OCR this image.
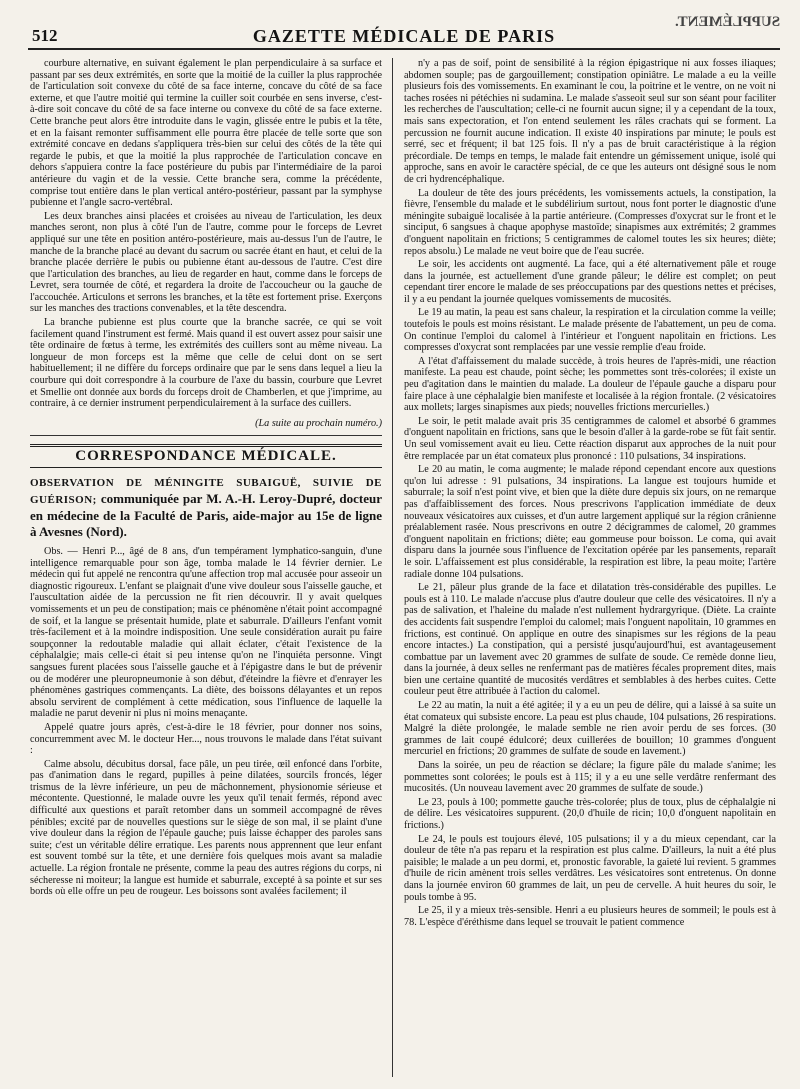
512	GAZETTE MÉDICALE DE PARIS
SUPPLÉMENT.

courbure alternative, en suivant également le plan perpendiculaire à sa surface et passant par ses deux extrémités, en sorte que la moitié de la cuiller la plus rapprochée de l'articulation soit convexe du côté de sa face interne, concave du côté de sa face externe, et que l'autre moitié qui termine la cuiller soit courbée en sens inverse, c'est-à-dire soit concave du côté de sa face interne ou convexe du côté de sa face externe. Cette branche peut alors être introduite dans le vagin, glissée entre le pubis et la tête, et en la faisant remonter suffisamment elle pourra être placée de telle sorte que son extrémité concave en dedans s'appliquera très-bien sur celui des côtés de la tête qui regarde le pubis, et que la moitié la plus rapprochée de l'articulation concave en dehors s'appuiera contre la face postérieure du pubis par l'intermédiaire de la paroi antérieure du vagin et de la vessie. Cette branche sera, comme la précédente, comprise tout entière dans le plan vertical antéro-postérieur, passant par la symphyse pubienne et l'angle sacro-vertébral.

Les deux branches ainsi placées et croisées au niveau de l'articulation, les deux manches seront, non plus à côté l'un de l'autre, comme pour le forceps de Levret appliqué sur une tête en position antéro-postérieure, mais au-dessus l'un de l'autre, le manche de la branche placé au devant du sacrum ou sacrée étant en haut, et celui de la branche placée derrière le pubis ou pubienne étant au-dessous de l'autre. C'est dire que l'articulation des branches, au lieu de regarder en haut, comme dans le forceps de Levret, sera tournée de côté, et regardera la droite de l'accoucheur ou la gauche de l'accouchée. Articulons et serrons les branches, et la tête est fortement prise. Exerçons sur les manches des tractions convenables, et la tête descendra.

La branche pubienne est plus courte que la branche sacrée, ce qui se voit facilement quand l'instrument est fermé. Mais quand il est ouvert assez pour saisir une tête ordinaire de fœtus à terme, les extrémités des cuillers sont au même niveau. La longueur de mon forceps est la même que celle de celui dont on se sert habituellement; il ne diffère du forceps ordinaire que par le sens dans lequel a lieu la courbure qui doit correspondre à la courbure de l'axe du bassin, courbure que Levret et Smellie ont donnée aux bords du forceps droit de Chamberlen, et que j'imprime, au contraire, à ce dernier instrument perpendiculairement à la surface des cuillers.

(La suite au prochain numéro.)
CORRESPONDANCE MÉDICALE.
OBSERVATION DE MÉNINGITE SUBAIGUË, SUIVIE DE GUÉRISON; communiquée par M. A.-H. Leroy-Dupré, docteur en médecine de la Faculté de Paris, aide-major au 15e de ligne à Avesnes (Nord).

Obs. — Henri P..., âgé de 8 ans, d'un tempérament lymphatico-sanguin, d'une intelligence remarquable pour son âge, tomba malade le 14 février dernier. Le médecin qui fut appelé ne rencontra qu'une affection trop mal accusée pour asseoir un diagnostic rigoureux. L'enfant se plaignait d'une vive douleur sous l'aisselle gauche, et l'auscultation aidée de la percussion ne fit rien découvrir. Il y avait quelques vomissements et un peu de constipation; mais ce phénomène n'était point accompagné de soif, et la langue se présentait humide, plate et saburrale. D'ailleurs l'enfant vomit très-facilement et à la moindre indisposition. Une seule considération aurait pu faire soupçonner la redoutable maladie qui allait éclater, c'était l'existence de la céphalalgie; mais celle-ci était si peu intense qu'on ne l'inquiéta personne. Vingt sangsues furent placées sous l'aisselle gauche et à l'épigastre dans le but de prévenir ou de modérer une pleuropneumonie à son début, d'éteindre la fièvre et d'enrayer les phénomènes gastriques commençants. La diète, des boissons délayantes et un repos absolu servirent de complément à cette médication, sous l'influence de laquelle la maladie ne parut devenir ni plus ni moins menaçante.

Appelé quatre jours après, c'est-à-dire le 18 février, pour donner nos soins, concurremment avec M. le docteur Her..., nous trouvons le malade dans l'état suivant :

Calme absolu, décubitus dorsal, face pâle, un peu tirée, œil enfoncé dans l'orbite, pas d'animation dans le regard, pupilles à peine dilatées, sourcils froncés, léger trismus de la lèvre inférieure, un peu de mâchonnement, physionomie sérieuse et mécontente. Questionné, le malade ouvre les yeux qu'il tenait fermés, répond avec difficulté aux questions et paraît retomber dans un sommeil accompagné de rêves pénibles; excité par de nouvelles questions sur le siège de son mal, il se plaint d'une vive douleur dans la région de l'épaule gauche; puis laisse échapper des paroles sans suite; c'est un véritable délire erratique. Les parents nous apprennent que leur enfant est souvent tombé sur la tête, et une dernière fois quelques mois avant sa maladie actuelle. La région frontale ne présente, comme la peau des autres régions du corps, ni sécheresse ni moiteur; la langue est humide et saburrale, excepté à sa pointe et sur ses bords où elle offre un peu de rougeur. Les boissons sont avalées facilement; il

n'y a pas de soif, point de sensibilité à la région épigastrique ni aux fosses iliaques; abdomen souple; pas de gargouillement; constipation opiniâtre. Le malade a eu la veille plusieurs fois des vomissements. En examinant le cou, la poitrine et le ventre, on ne voit ni taches rosées ni pétéchies ni sudamina. Le malade s'asseoit seul sur son séant pour faciliter les recherches de l'auscultation; celle-ci ne fournit aucun signe; il y a cependant de la toux, mais sans expectoration, et l'on entend seulement les râles crachats qui se forment. La percussion ne fournit aucune indication. Il existe 40 inspirations par minute; le pouls est serré, sec et fréquent; il bat 125 fois. Il n'y a pas de bruit caractéristique à la région précordiale. De temps en temps, le malade fait entendre un gémissement unique, isolé qui approche, sans en avoir le caractère spécial, de ce que les auteurs ont désigné sous le nom de cri hydrencéphalique.

La douleur de tête des jours précédents, les vomissements actuels, la constipation, la fièvre, l'ensemble du malade et le subdélirium surtout, nous font porter le diagnostic d'une méningite subaiguë localisée à la partie antérieure. (Compresses d'oxycrat sur le front et le sinciput, 6 sangsues à chaque apophyse mastoïde; sinapismes aux extrémités; 2 grammes d'onguent napolitain en frictions; 5 centigrammes de calomel toutes les six heures; diète; repos absolu.) Le malade ne veut boire que de l'eau sucrée.

Le soir, les accidents ont augmenté. La face, qui a été alternativement pâle et rouge dans la journée, est actuellement d'une grande pâleur; le délire est complet; on peut cependant tirer encore le malade de ses préoccupations par des questions nettes et précises, il y a eu pendant la journée quelques vomissements de mucosités.

Le 19 au matin, la peau est sans chaleur, la respiration et la circulation comme la veille; toutefois le pouls est moins résistant. Le malade présente de l'abattement, un peu de coma. On continue l'emploi du calomel à l'intérieur et l'onguent napolitain en frictions. Les compresses d'oxycrat sont remplacées par une vessie remplie d'eau froide.

A l'état d'affaissement du malade succède, à trois heures de l'après-midi, une réaction manifeste. La peau est chaude, point sèche; les pommettes sont très-colorées; il existe un peu d'agitation dans le maintien du malade. La douleur de l'épaule gauche a disparu pour faire place à une céphalalgie bien manifeste et localisée à la région frontale. (2 vésicatoires aux mollets; larges sinapismes aux pieds; nouvelles frictions mercurielles.)

Le soir, le petit malade avait pris 35 centigrammes de calomel et absorbé 6 grammes d'onguent napolitain en frictions, sans que le besoin d'aller à la garde-robe se fût fait sentir. Un seul vomissement avait eu lieu. Cette réaction disparut aux approches de la nuit pour être remplacée par un état comateux plus prononcé : 110 pulsations, 34 inspirations.

Le 20 au matin, le coma augmente; le malade répond cependant encore aux questions qu'on lui adresse : 91 pulsations, 34 inspirations. La langue est toujours humide et saburrale; la soif n'est point vive, et bien que la diète dure depuis six jours, on ne remarque pas d'affaiblissement des forces. Nous prescrivons l'application immédiate de deux nouveaux vésicatoires aux cuisses, et d'un autre largement appliqué sur la région crânienne préalablement rasée. Nous prescrivons en outre 2 décigrammes de calomel, 20 grammes d'onguent napolitain en frictions; diète; eau gommeuse pour boisson. Le coma, qui avait disparu dans la journée sous l'influence de l'excitation opérée par les pansements, reparaît le soir. L'affaissement est plus considérable, la respiration est libre, la peau moite; l'artère radiale donne 104 pulsations.

Le 21, pâleur plus grande de la face et dilatation très-considérable des pupilles. Le pouls est à 110. Le malade n'accuse plus d'autre douleur que celle des vésicatoires. Il n'y a pas de salivation, et l'haleine du malade n'est nullement hydrargyrique. (Diète. La crainte des accidents fait suspendre l'emploi du calomel; mais l'onguent napolitain, 10 grammes en frictions, est continué. On applique en outre des sinapismes sur les régions de la peau encore intactes.) La constipation, qui a persisté jusqu'aujourd'hui, est avantageusement combattue par un lavement avec 20 grammes de sulfate de soude. Ce remède donne lieu, dans la journée, à deux selles ne renfermant pas de matières fécales proprement dites, mais bien une certaine quantité de mucosités verdâtres et semblables à des herbes cuites. Cette couleur peut être attribuée à l'action du calomel.

Le 22 au matin, la nuit a été agitée; il y a eu un peu de délire, qui a laissé à sa suite un état comateux qui subsiste encore. La peau est plus chaude, 104 pulsations, 26 respirations. Malgré la diète prolongée, le malade semble ne rien avoir perdu de ses forces. (30 grammes de lait coupé édulcoré; deux cuillerées de bouillon; 10 grammes d'onguent mercuriel en frictions; 20 grammes de sulfate de soude en lavement.)

Dans la soirée, un peu de réaction se déclare; la figure pâle du malade s'anime; les pommettes sont colorées; le pouls est à 115; il y a eu une selle verdâtre renfermant des mucosités. (Un nouveau lavement avec 20 grammes de sulfate de soude.)

Le 23, pouls à 100; pommette gauche très-colorée; plus de toux, plus de céphalalgie ni de délire. Les vésicatoires suppurent. (20,0 d'huile de ricin; 10,0 d'onguent napolitain en frictions.)

Le 24, le pouls est toujours élevé, 105 pulsations; il y a du mieux cependant, car la douleur de tête n'a pas reparu et la respiration est plus calme. D'ailleurs, la nuit a été plus paisible; le malade a un peu dormi, et, pronostic favorable, la gaieté lui revient. 5 grammes d'huile de ricin amènent trois selles verdâtres. Les vésicatoires sont entretenus. On donne dans la journée environ 60 grammes de lait, un peu de cervelle. A huit heures du soir, le pouls tombe à 95.

Le 25, il y a mieux très-sensible. Henri a eu plusieurs heures de sommeil; le pouls est à 78. L'espèce d'éréthisme dans lequel se trouvait le patient commence
